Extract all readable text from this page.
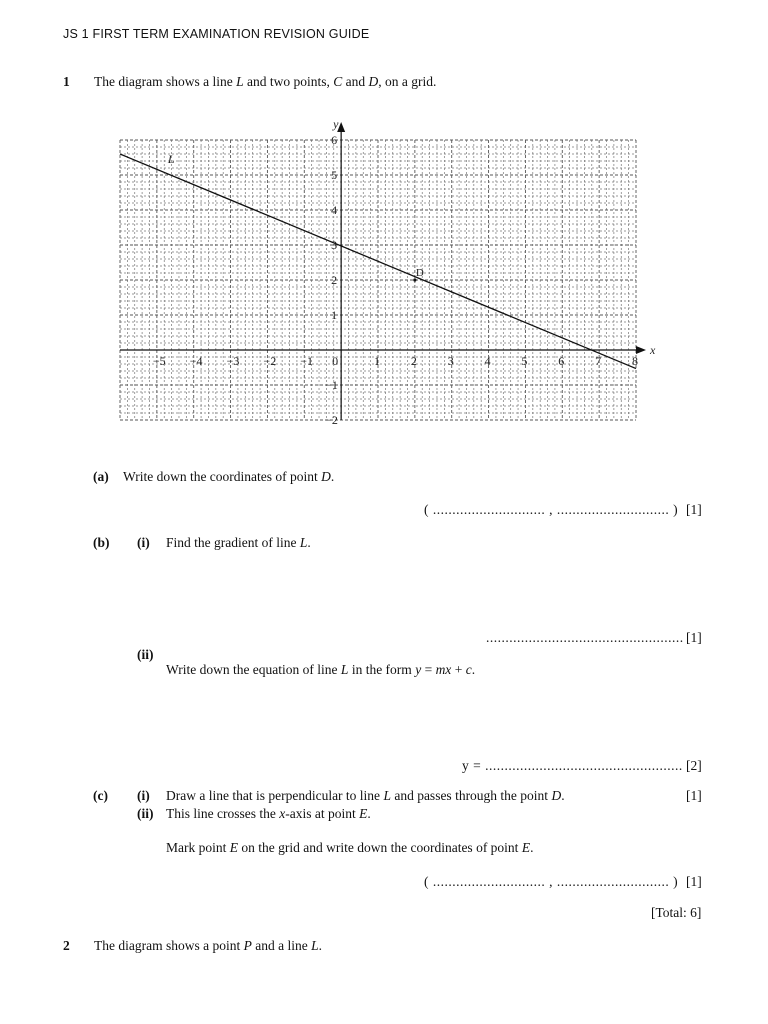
JS 1 FIRST TERM EXAMINATION REVISION GUIDE
1 The diagram shows a line L and two points, C and D, on a grid.
−5 −4 −3 −2 −1 0	1	2	3	4	5	6	7	8
6
5
4
3
2
1
−1
−2
x
y
L
D
(a) Write down the coordinates of point D.
( ............................. , ............................. ) [1]
(b) (i) Find the gradient of line L.
................................................... [1]
(ii)
Write down the equation of line L in the form y = mx + c.
y = ................................................... [2]
(c) (i) Draw a line that is perpendicular to line L and passes through the point D.	[1]
(ii) This line crosses the x-axis at point E.
Mark point E on the grid and write down the coordinates of point E.
( ............................. , ............................. ) [1]
[Total: 6]
2 The diagram shows a point P and a line L.
